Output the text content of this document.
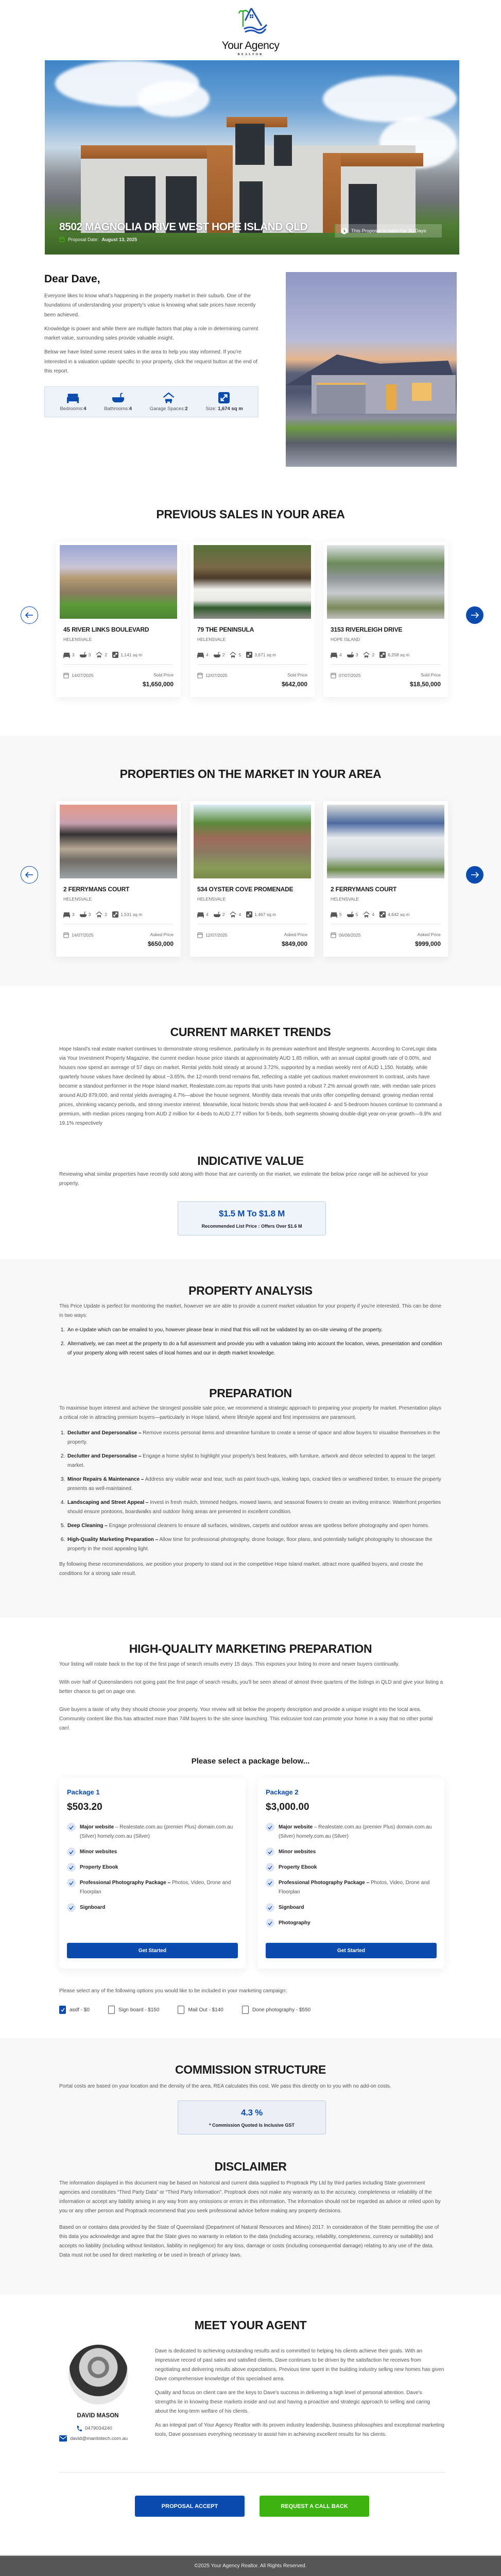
Your Agency
REALTOR
8502 MAGNOLIA DRIVE WEST HOPE ISLAND QLD
Proposal Date: August 13, 2025
This Proposal Is Valid For 30 Days
Dear Dave,

Everyone likes to know what's happening in the property market in their suburb. One of the foundations of understanding your property's value is knowing what sale prices have recently been achieved.

Knowledge is power and while there are multiple factors that play a role in determining current market value, surrounding sales provide valuable insight.

Below we have listed some recent sales in the area to help you stay informed. If you're interested in a valuation update specific to your property, click the request button at the end of this report.

Bedrooms:4	Bathrooms:4	Garage Spaces:2	Size: 1,674 sq m
PREVIOUS SALES IN YOUR AREA
45 RIVER LINKS BOULEVARD
HELENSVALE
3	3	2	1,141 sq m
14/07/2025	Sold Price
$1,650,000
79 THE PENINSULA
HELENSVALE
4	2	5	3,671 sq m
12/07/2025	Sold Price
$642,000
3153 RIVERLEIGH DRIVE
HOPE ISLAND
4	3	2	6,258 sq m
07/07/2025	Sold Price
$18,50,000
PROPERTIES ON THE MARKET IN YOUR AREA
2 FERRYMANS COURT
HELENSVALE
3	3	2	1,531 sq m
14/07/2025	Asked Price
$650,000
534 OYSTER COVE PROMENADE
HELENSVALE
4	2	4	1,467 sq m
12/07/2025	Asked Price
$849,000
2 FERRYMANS COURT
HELENSVALE
5	5	4	4,642 sq m
06/06/2025	Asked Price
$999,000
CURRENT MARKET TRENDS

Hope Island's real estate market continues to demonstrate strong resilience, particularly in its premium waterfront and lifestyle segments. According to CoreLogic data via Your Investment Property Magazine, the current median house price stands at approximately AUD 1.85 million, with an annual capital growth rate of 0.00%, and houses now spend an average of 57 days on market. Rental yields hold steady at around 3.72%, supported by a median weekly rent of AUD 1,150. Notably, while quarterly house values have declined by about −3.65%, the 12-month trend remains flat, reflecting a stable yet cautious market environment In contrast, units have become a standout performer in the Hope Island market. Realestate.com.au reports that units have posted a robust 7.2% annual growth rate, with median sale prices around AUD 879,000, and rental yields averaging 4.7%—above the house segment. Monthly data reveals that units offer compelling demand: growing median rental prices, shrinking vacancy periods, and strong investor interest. Meanwhile, local historic trends show that well-located 4- and 5-bedroom houses continue to command a premium, with median prices ranging from AUD 2 million for 4-beds to AUD 2.77 million for 5-beds, both segments showing double-digit year-on-year growth—9.9% and 19.1% respectively

INDICATIVE VALUE

Reviewing what similar properties have recently sold along with those that are currently on the market, we estimate the below price range will be achieved for your property.

$1.5 M To $1.8 M
Recommended List Price : Offers Over $1.6 M
PROPERTY ANALYSIS

This Price Update is perfect for monitoring the market, however we are able to provide a current market valuation for your property if you're interested. This can be done in two ways:

1. An e-Update which can be emailed to you, however please bear in mind that this will not be validated by an on-site viewing of the property.
2. Alternatively, we can meet at the property to do a full assessment and provide you with a valuation taking into account the location, views, presentation and condition of your property along with recent sales of local homes and our in depth market knowledge.
PREPARATION

To maximise buyer interest and achieve the strongest possible sale price, we recommend a strategic approach to preparing your property for market. Presentation plays a critical role in attracting premium buyers—particularly in Hope Island, where lifestyle appeal and first impressions are paramount.

1. Declutter and Depersonalise – Remove excess personal items and streamline furniture to create a sense of space and allow buyers to visualise themselves in the property.
2. Declutter and Depersonalise – Engage a home stylist to highlight your property's best features, with furniture, artwork and décor selected to appeal to the target market.
3. Minor Repairs & Maintenance – Address any visible wear and tear, such as paint touch-ups, leaking taps, cracked tiles or weathered timber, to ensure the property presents as well-maintained.
4. Landscaping and Street Appeal – Invest in fresh mulch, trimmed hedges, mowed lawns, and seasonal flowers to create an inviting entrance. Waterfront properties should ensure pontoons, boardwalks and outdoor living areas are presented in excellent condition.
5. Deep Cleaning – Engage professional cleaners to ensure all surfaces, windows, carpets and outdoor areas are spotless before photography and open homes.
6. High-Quality Marketing Preparation – Allow time for professional photography, drone footage, floor plans, and potentially twilight photography to showcase the property in the most appealing light.

By following these recommendations, we position your property to stand out in the competitive Hope Island market, attract more qualified buyers, and create the conditions for a strong sale result.

HIGH-QUALITY MARKETING PREPARATION

Your listing will rotate back to the top of the first page of search results every 15 days. This exposes your listing to more and newer buyers continually.

With over half of Queenslanders not going past the first page of search results, you'll be seen ahead of almost three quarters of the listings in QLD and give your listing a better chance to get on page one.

Give buyers a taste of why they should choose your property. Your review will sit below the property description and provide a unique insight into the local area. Community content like this has attracted more than 74M buyers to the site since launching. This exlcusive tool can promote your home in a way that no other portal can!.

Please select a package below...
Package 1
$503.20
Major website – Realestate.com.au (premier Plus) domain.com.au (Silver) homely.com.au (Silver)
Minor websites
Property Ebook
Professional Photography Package – Photos, Video, Drone and Floorplan
Signboard
Get Started
Package 2
$3,000.00
Major website – Realestate.com.au (premier Plus) domain.com.au (Silver) homely.com.au (Silver)
Minor websites
Property Ebook
Professional Photography Package – Photos, Video, Drone and Floorplan
Signboard
Photography
Get Started
Please select any of the following options you would like to be included in your marketing campaign:
asdf - $0	Sign board - $150	Mail Out - $140	Done photography - $550
COMMISSION STRUCTURE

Portal costs are based on your location and the density of the area, REA calculates this cost. We pass this directly on to you with no add-on costs.

4.3 %
* Commission Quoted Is Inclusive GST
DISCLAIMER

The information displayed in this document may be based on historical and current data supplied to Proptrack Pty Ltd by third parties including State government agencies and constitutes “Third Party Data” or “Third Party Information”. Proptrack does not make any warranty as to the accuracy, completeness or reliability of the information or accept any liability arising in any way from any omissions or errors in this information. The information should not be regarded as advice or relied upon by you or any other person and Proptrack recommend that you seek professional advice before making any property decisions.

Based on or contains data provided by the State of Queensland (Department of Natural Resources and Mines) 2017. In consideration of the State permitting the use of this data you acknowledge and agree that the State gives no warranty in relation to the data (including accuracy, reliability, completeness, currency or suitability) and accepts no liability (including without limitation, liability in negligence) for any loss, damage or costs (including consequential damage) relating to any use of the data. Data must not be used for direct marketing or be used in breach of privacy laws.

MEET YOUR AGENT
DAVID MASON
0479034240
david@mantistech.com.au

Dave is dedicated to achieving outstanding results and is committed to helping his clients achieve their goals. With an impressive record of past sales and satisfied clients, Dave continues to be driven by the satisfaction he receives from negotiating and delivering results above expectations. Previous time spent in the building industry selling new homes has given Dave comprehensive knowledge of this specialised area.

Quality and focus on client care are the keys to Dave's success in delivering a high level of personal attention. Dave's strengths lie in knowing these markets inside and out and having a proactive and strategic approach to selling and caring about the long-term welfare of his clients.

As an integral part of Your Agency Realtor with its proven industry leadership, business philosophies and exceptional marketing tools, Dave possesses everything necessary to assist him in achieving excellent results for his clients.

PROPOSAL ACCEPT	REQUEST A CALL BACK
©2025 Your Agency Realtor. All Rights Reserved.
